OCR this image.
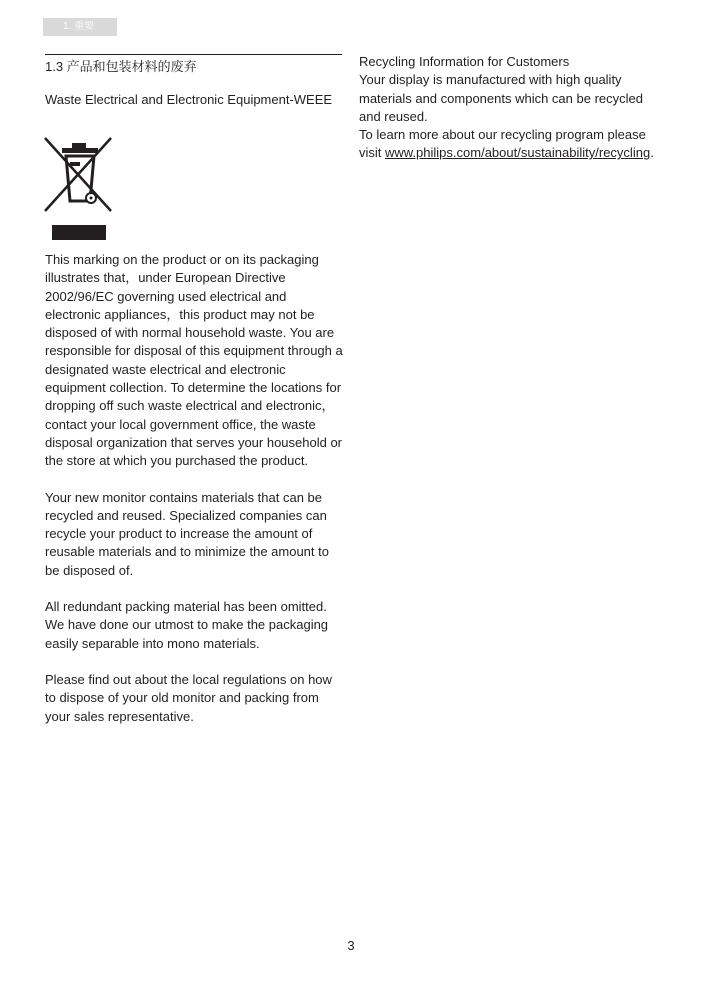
1. 重要
1.3 产品和包装材料的废弃
Waste Electrical and Electronic Equipment-WEEE

This marking on the product or on its packaging illustrates that，under European Directive 2002/96/EC governing used electrical and electronic appliances，this product may not be disposed of with normal household waste. You are responsible for disposal of this equipment through a designated waste electrical and electronic equipment collection. To determine the locations for dropping off such waste electrical and electronic，contact your local government office, the waste disposal organization that serves your household or the store at which you purchased the product.

Your new monitor contains materials that can be recycled and reused. Specialized companies can recycle your product to increase the amount of reusable materials and to minimize the amount to be disposed of.

All redundant packing material has been omitted. We have done our utmost to make the packaging easily separable into mono materials.

Please find out about the local regulations on how to dispose of your old monitor and packing from your sales representative.

Recycling Information for Customers

Your display is manufactured with high quality materials and components which can be recycled and reused.

To learn more about our recycling program please visit www.philips.com/about/sustainability/recycling.

3
